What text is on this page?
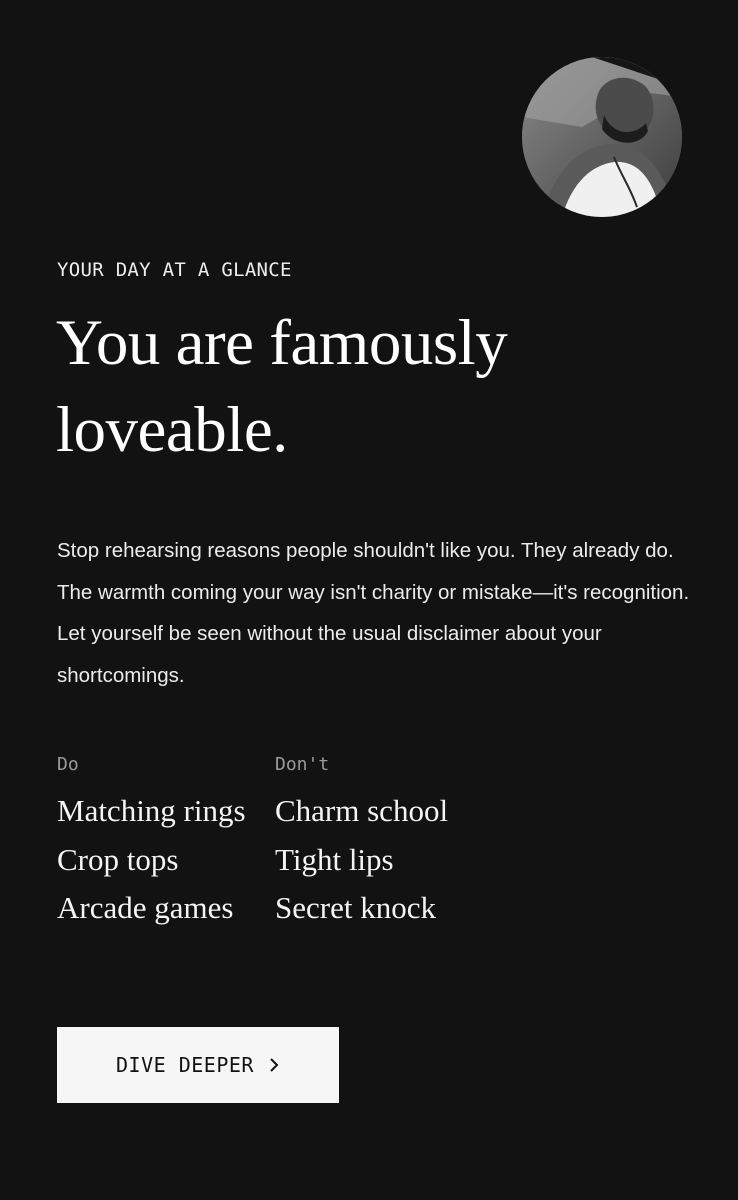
YOUR DAY AT A GLANCE
You are famously loveable.

Stop rehearsing reasons people shouldn't like you. They already do. The warmth coming your way isn't charity or mistake—it's recognition. Let yourself be seen without the usual disclaimer about your shortcomings.

Do
Matching rings
Crop tops
Arcade games
Don't
Charm school
Tight lips
Secret knock
DIVE DEEPER
